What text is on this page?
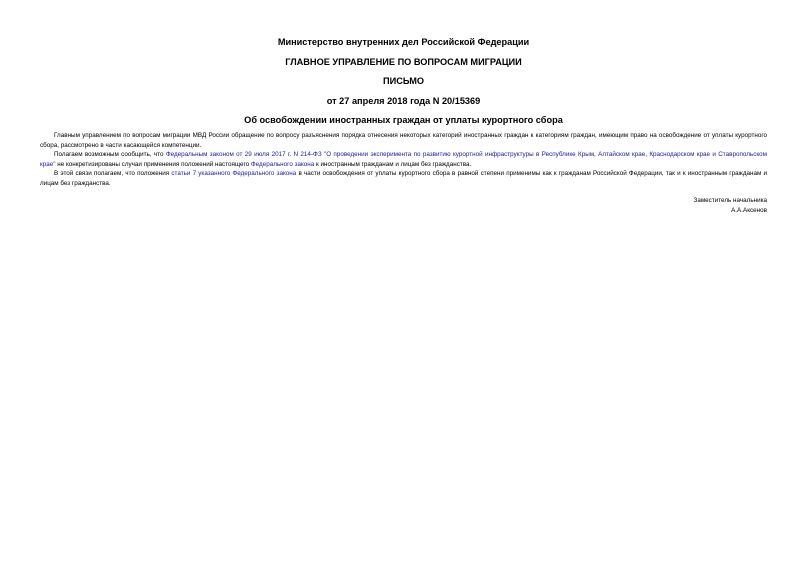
Министерство внутренних дел Российской Федерации
ГЛАВНОЕ УПРАВЛЕНИЕ ПО ВОПРОСАМ МИГРАЦИИ
ПИСЬМО
от 27 апреля 2018 года N 20/15369
Об освобождении иностранных граждан от уплаты курортного сбора

Главным управлением по вопросам миграции МВД России обращение по вопросу разъяснения порядка отнесения некоторых категорий иностранных граждан к категориям граждан, имеющим право на освобождение от уплаты курортного сбора, рассмотрено в части касающейся компетенции.

Полагаем возможным сообщить, что Федеральным законом от 29 июля 2017 г. N 214-ФЗ "О проведении эксперимента по развитию курортной инфраструктуры в Республике Крым, Алтайском крае, Краснодарском крае и Ставропольском крае" не конкретизированы случаи применения положений настоящего Федерального закона к иностранным гражданам и лицам без гражданства.

В этой связи полагаем, что положения статьи 7 указанного Федерального закона в части освобождения от уплаты курортного сбора в равной степени применимы как к гражданам Российской Федерации, так и к иностранным гражданам и лицам без гражданства.

Заместитель начальника
А.А.Аксенов
